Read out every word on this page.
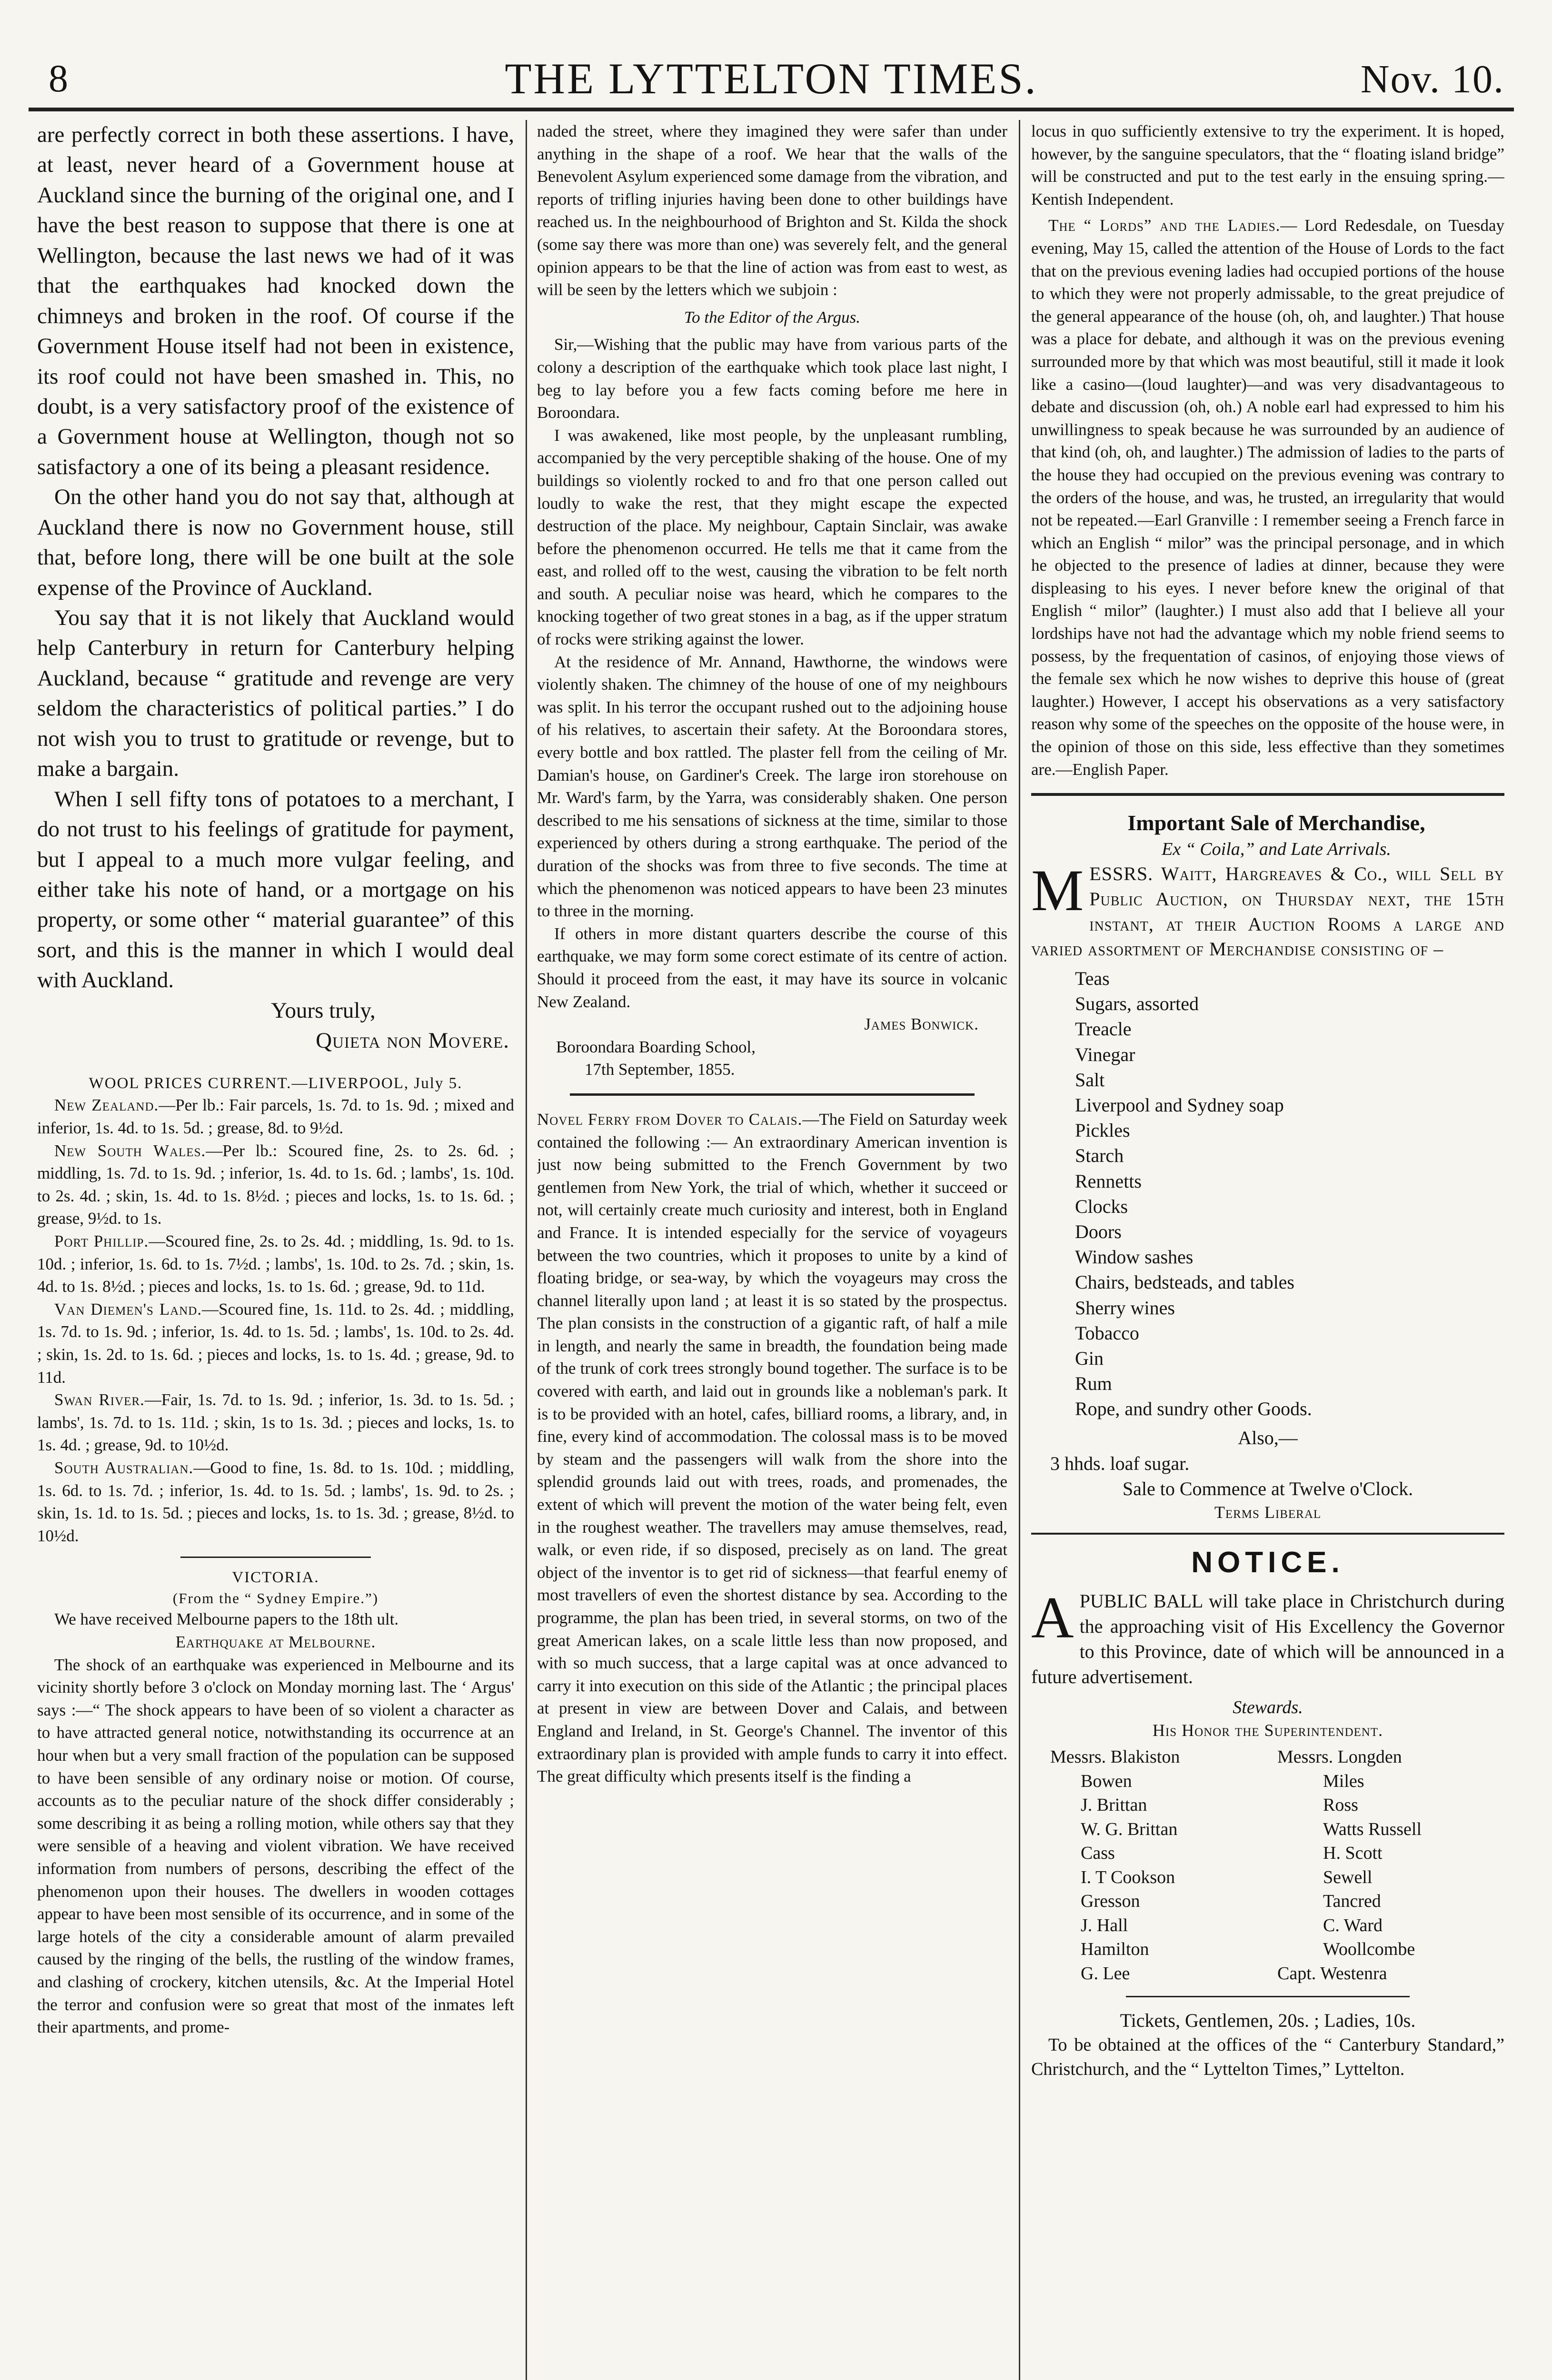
8	THE LYTTELTON TIMES.	Nov. 10.

are perfectly correct in both these assertions. I have, at least, never heard of a Government house at Auckland since the burning of the original one, and I have the best reason to suppose that there is one at Wellington, because the last news we had of it was that the earthquakes had knocked down the chimneys and broken in the roof. Of course if the Government House itself had not been in existence, its roof could not have been smashed in. This, no doubt, is a very satisfactory proof of the existence of a Government house at Wellington, though not so satisfactory a one of its being a pleasant residence.

On the other hand you do not say that, although at Auckland there is now no Government house, still that, before long, there will be one built at the sole expense of the Province of Auckland.

You say that it is not likely that Auckland would help Canterbury in return for Canterbury helping Auckland, because “ gratitude and revenge are very seldom the characteristics of political parties.” I do not wish you to trust to gratitude or revenge, but to make a bargain.

When I sell fifty tons of potatoes to a merchant, I do not trust to his feelings of gratitude for payment, but I appeal to a much more vulgar feeling, and either take his note of hand, or a mortgage on his property, or some other “ material guarantee” of this sort, and this is the manner in which I would deal with Auckland.

Yours truly,

Quieta non Movere.

WOOL PRICES CURRENT.—LIVERPOOL, July 5.

New Zealand.—Per lb.: Fair parcels, 1s. 7d. to 1s. 9d. ; mixed and inferior, 1s. 4d. to 1s. 5d. ; grease, 8d. to 9½d.

New South Wales.—Per lb.: Scoured fine, 2s. to 2s. 6d. ; middling, 1s. 7d. to 1s. 9d. ; inferior, 1s. 4d. to 1s. 6d. ; lambs', 1s. 10d. to 2s. 4d. ; skin, 1s. 4d. to 1s. 8½d. ; pieces and locks, 1s. to 1s. 6d. ; grease, 9½d. to 1s.

Port Phillip.—Scoured fine, 2s. to 2s. 4d. ; middling, 1s. 9d. to 1s. 10d. ; inferior, 1s. 6d. to 1s. 7½d. ; lambs', 1s. 10d. to 2s. 7d. ; skin, 1s. 4d. to 1s. 8½d. ; pieces and locks, 1s. to 1s. 6d. ; grease, 9d. to 11d.

Van Diemen's Land.—Scoured fine, 1s. 11d. to 2s. 4d. ; middling, 1s. 7d. to 1s. 9d. ; inferior, 1s. 4d. to 1s. 5d. ; lambs', 1s. 10d. to 2s. 4d. ; skin, 1s. 2d. to 1s. 6d. ; pieces and locks, 1s. to 1s. 4d. ; grease, 9d. to 11d.

Swan River.—Fair, 1s. 7d. to 1s. 9d. ; inferior, 1s. 3d. to 1s. 5d. ; lambs', 1s. 7d. to 1s. 11d. ; skin, 1s to 1s. 3d. ; pieces and locks, 1s. to 1s. 4d. ; grease, 9d. to 10½d.

South Australian.—Good to fine, 1s. 8d. to 1s. 10d. ; middling, 1s. 6d. to 1s. 7d. ; inferior, 1s. 4d. to 1s. 5d. ; lambs', 1s. 9d. to 2s. ; skin, 1s. 1d. to 1s. 5d. ; pieces and locks, 1s. to 1s. 3d. ; grease, 8½d. to 10½d.

VICTORIA.

(From the “ Sydney Empire.”)

We have received Melbourne papers to the 18th ult.

Earthquake at Melbourne.

The shock of an earthquake was experienced in Melbourne and its vicinity shortly before 3 o'clock on Monday morning last. The ‘ Argus' says :—“ The shock appears to have been of so violent a character as to have attracted general notice, notwithstanding its occurrence at an hour when but a very small fraction of the population can be supposed to have been sensible of any ordinary noise or motion. Of course, accounts as to the peculiar nature of the shock differ considerably ; some describing it as being a rolling motion, while others say that they were sensible of a heaving and violent vibration. We have received information from numbers of persons, describing the effect of the phenomenon upon their houses. The dwellers in wooden cottages appear to have been most sensible of its occurrence, and in some of the large hotels of the city a considerable amount of alarm prevailed caused by the ringing of the bells, the rustling of the window frames, and clashing of crockery, kitchen utensils, &c. At the Imperial Hotel the terror and confusion were so great that most of the inmates left their apartments, and prome-

naded the street, where they imagined they were safer than under anything in the shape of a roof. We hear that the walls of the Benevolent Asylum experienced some damage from the vibration, and reports of trifling injuries having been done to other buildings have reached us. In the neighbourhood of Brighton and St. Kilda the shock (some say there was more than one) was severely felt, and the general opinion appears to be that the line of action was from east to west, as will be seen by the letters which we subjoin :

To the Editor of the Argus.

Sir,—Wishing that the public may have from various parts of the colony a description of the earthquake which took place last night, I beg to lay before you a few facts coming before me here in Boroondara.

I was awakened, like most people, by the unpleasant rumbling, accompanied by the very perceptible shaking of the house. One of my buildings so violently rocked to and fro that one person called out loudly to wake the rest, that they might escape the expected destruction of the place. My neighbour, Captain Sinclair, was awake before the phenomenon occurred. He tells me that it came from the east, and rolled off to the west, causing the vibration to be felt north and south. A peculiar noise was heard, which he compares to the knocking together of two great stones in a bag, as if the upper stratum of rocks were striking against the lower.

At the residence of Mr. Annand, Hawthorne, the windows were violently shaken. The chimney of the house of one of my neighbours was split. In his terror the occupant rushed out to the adjoining house of his relatives, to ascertain their safety. At the Boroondara stores, every bottle and box rattled. The plaster fell from the ceiling of Mr. Damian's house, on Gardiner's Creek. The large iron storehouse on Mr. Ward's farm, by the Yarra, was considerably shaken. One person described to me his sensations of sickness at the time, similar to those experienced by others during a strong earthquake. The period of the duration of the shocks was from three to five seconds. The time at which the phenomenon was noticed appears to have been 23 minutes to three in the morning.

If others in more distant quarters describe the course of this earthquake, we may form some corect estimate of its centre of action. Should it proceed from the east, it may have its source in volcanic New Zealand.

James Bonwick.

Boroondara Boarding School,

17th September, 1855.

Novel Ferry from Dover to Calais.—The Field on Saturday week contained the following :— An extraordinary American invention is just now being submitted to the French Government by two gentlemen from New York, the trial of which, whether it succeed or not, will certainly create much curiosity and interest, both in England and France. It is intended especially for the service of voyageurs between the two countries, which it proposes to unite by a kind of floating bridge, or sea-way, by which the voyageurs may cross the channel literally upon land ; at least it is so stated by the prospectus. The plan consists in the construction of a gigantic raft, of half a mile in length, and nearly the same in breadth, the foundation being made of the trunk of cork trees strongly bound together. The surface is to be covered with earth, and laid out in grounds like a nobleman's park. It is to be provided with an hotel, cafes, billiard rooms, a library, and, in fine, every kind of accommodation. The colossal mass is to be moved by steam and the passengers will walk from the shore into the splendid grounds laid out with trees, roads, and promenades, the extent of which will prevent the motion of the water being felt, even in the roughest weather. The travellers may amuse themselves, read, walk, or even ride, if so disposed, precisely as on land. The great object of the inventor is to get rid of sickness—that fearful enemy of most travellers of even the shortest distance by sea. According to the programme, the plan has been tried, in several storms, on two of the great American lakes, on a scale little less than now proposed, and with so much success, that a large capital was at once advanced to carry it into execution on this side of the Atlantic ; the principal places at present in view are between Dover and Calais, and between England and Ireland, in St. George's Channel. The inventor of this extraordinary plan is provided with ample funds to carry it into effect. The great difficulty which presents itself is the finding a

locus in quo sufficiently extensive to try the experiment. It is hoped, however, by the sanguine speculators, that the “ floating island bridge” will be constructed and put to the test early in the ensuing spring.—Kentish Independent.

The “ Lords” and the Ladies.— Lord Redesdale, on Tuesday evening, May 15, called the attention of the House of Lords to the fact that on the previous evening ladies had occupied portions of the house to which they were not properly admissable, to the great prejudice of the general appearance of the house (oh, oh, and laughter.) That house was a place for debate, and although it was on the previous evening surrounded more by that which was most beautiful, still it made it look like a casino—(loud laughter)—and was very disadvantageous to debate and discussion (oh, oh.) A noble earl had expressed to him his unwillingness to speak because he was surrounded by an audience of that kind (oh, oh, and laughter.) The admission of ladies to the parts of the house they had occupied on the previous evening was contrary to the orders of the house, and was, he trusted, an irregularity that would not be repeated.—Earl Granville : I remember seeing a French farce in which an English “ milor” was the principal personage, and in which he objected to the presence of ladies at dinner, because they were displeasing to his eyes. I never before knew the original of that English “ milor” (laughter.) I must also add that I believe all your lordships have not had the advantage which my noble friend seems to possess, by the frequentation of casinos, of enjoying those views of the female sex which he now wishes to deprive this house of (great laughter.) However, I accept his observations as a very satisfactory reason why some of the speeches on the opposite of the house were, in the opinion of those on this side, less effective than they sometimes are.—English Paper.

Important Sale of Merchandise,

Ex “ Coila,” and Late Arrivals.

MESSRS. Waitt, Hargreaves & Co., will Sell by Public Auction, on Thursday next, the 15th instant, at their Auction Rooms a large and varied assortment of Merchandise consisting of –

Teas
Sugars, assorted
Treacle
Vinegar
Salt
Liverpool and Sydney soap
Pickles
Starch
Rennetts
Clocks
Doors
Window sashes
Chairs, bedsteads, and tables
Sherry wines
Tobacco
Gin
Rum
Rope, and sundry other Goods.

Also,—

3 hhds. loaf sugar.

Sale to Commence at Twelve o'Clock.

Terms Liberal

NOTICE.

APUBLIC BALL will take place in Christchurch during the approaching visit of His Excellency the Governor to this Province, date of which will be announced in a future advertisement.

Stewards.

His Honor the Superintendent.

Messrs. Blakiston	Messrs. Longden
Bowen	Miles
J. Brittan	Ross
W. G. Brittan	Watts Russell
Cass	H. Scott
I. T Cookson	Sewell
Gresson	Tancred
J. Hall	C. Ward
Hamilton	Woollcombe
G. Lee	Capt. Westenra

Tickets, Gentlemen, 20s. ; Ladies, 10s.

To be obtained at the offices of the “ Canterbury Standard,” Christchurch, and the “ Lyttelton Times,” Lyttelton.
